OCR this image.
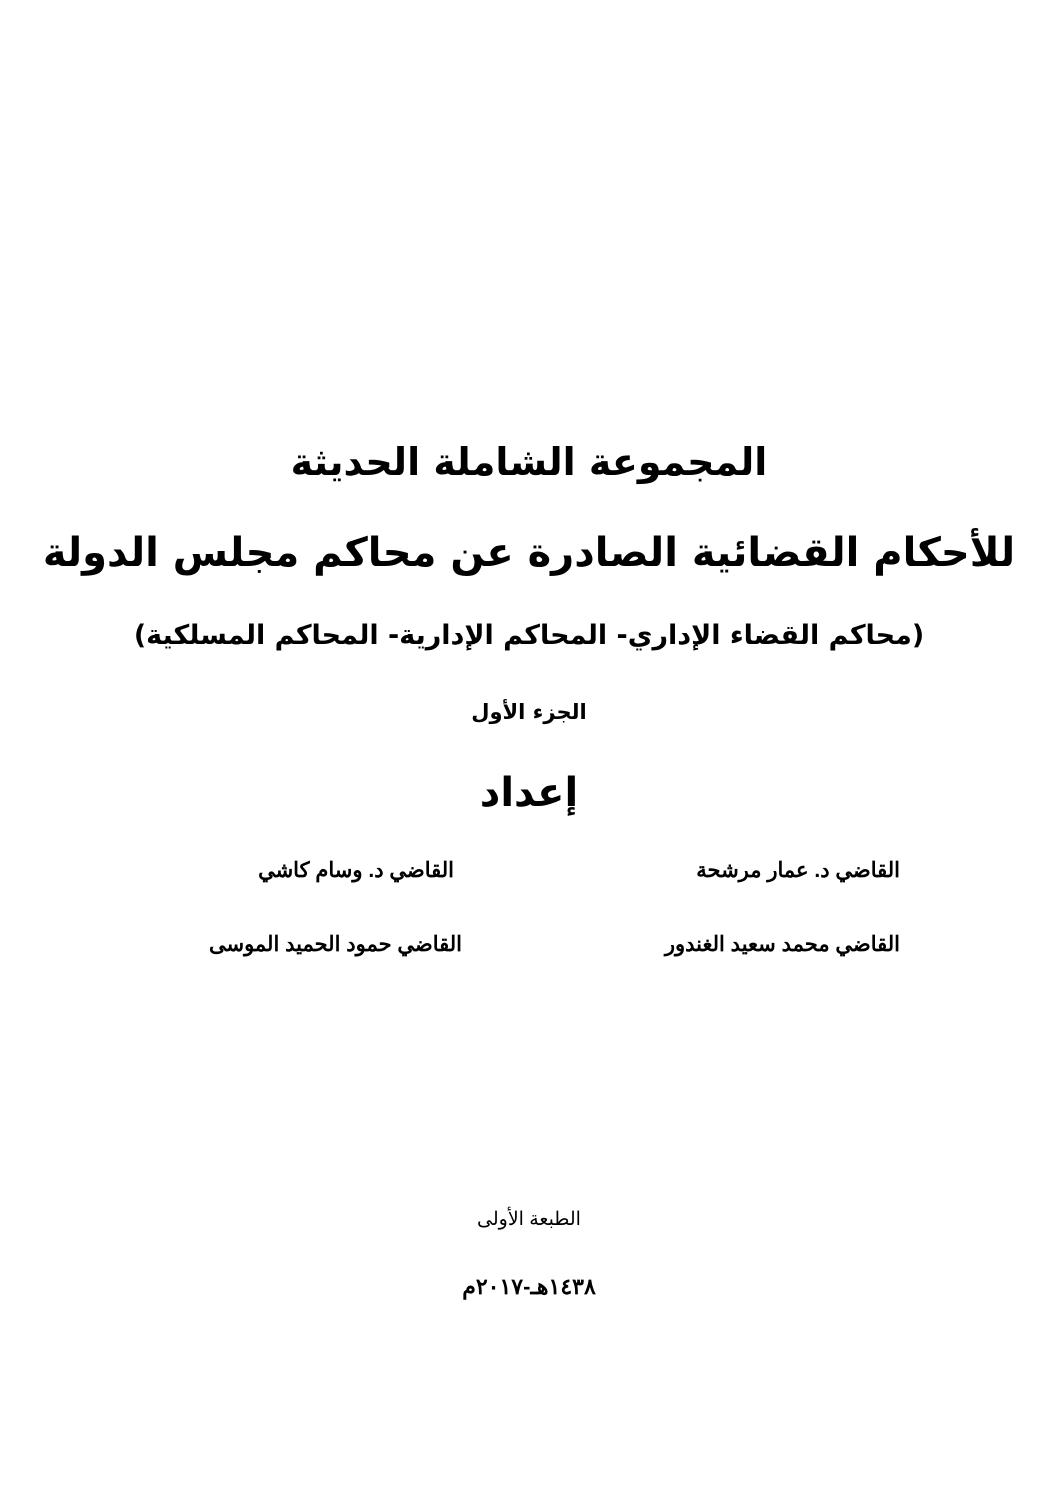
المجموعة الشاملة الحديثة
للأحكام القضائية الصادرة عن محاكم مجلس الدولة
(محاكم القضاء الإداري- المحاكم الإدارية- المحاكم المسلكية)
الجزء الأول
إعداد
القاضي د. عمار مرشحة
القاضي د. وسام كاشي
القاضي محمد سعيد الغندور
القاضي حمود الحميد الموسى
الطبعة الأولى
١٤٣٨هـ-٢٠١٧م
